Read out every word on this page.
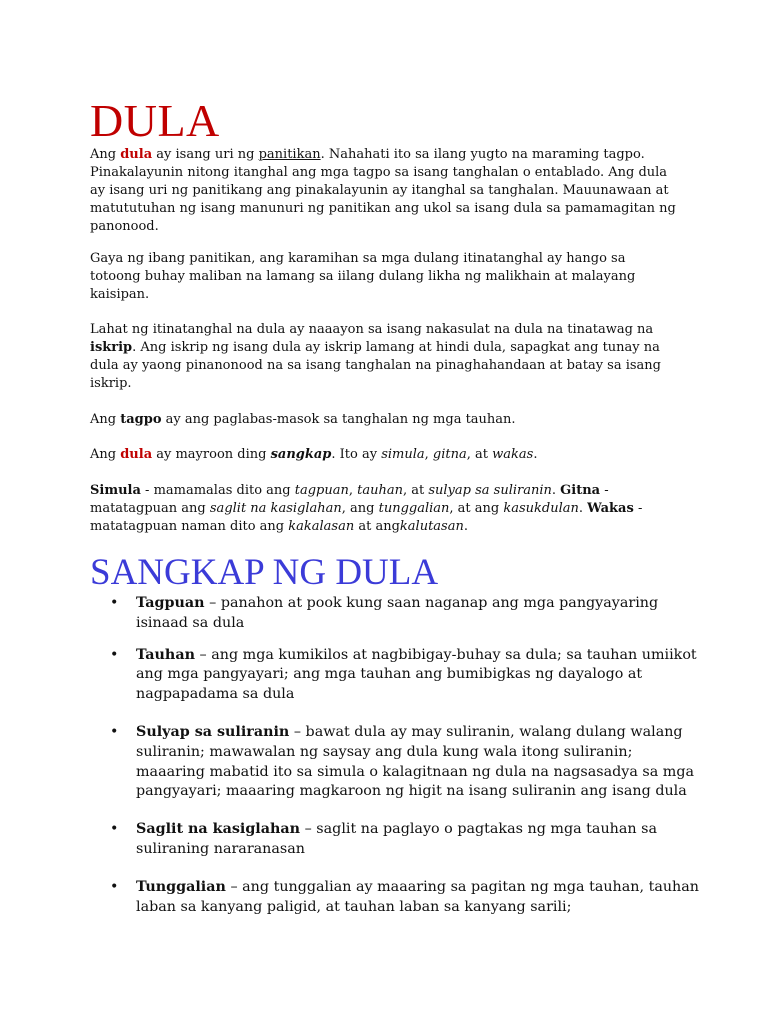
DULA

Ang dula ay isang uri ng panitikan. Nahahati ito sa ilang yugto na maraming tagpo. Pinakalayunin nitong itanghal ang mga tagpo sa isang tanghalan o entablado. Ang dula ay isang uri ng panitikang ang pinakalayunin ay itanghal sa tanghalan. Mauunawaan at matututuhan ng isang manunuri ng panitikan ang ukol sa isang dula sa pamamagitan ng panonood.

Gaya ng ibang panitikan, ang karamihan sa mga dulang itinatanghal ay hango sa totoong buhay maliban na lamang sa iilang dulang likha ng malikhain at malayang kaisipan.

Lahat ng itinatanghal na dula ay naaayon sa isang nakasulat na dula na tinatawag na iskrip. Ang iskrip ng isang dula ay iskrip lamang at hindi dula, sapagkat ang tunay na dula ay yaong pinanonood na sa isang tanghalan na pinaghahandaan at batay sa isang iskrip.

Ang tagpo ay ang paglabas-masok sa tanghalan ng mga tauhan.

Ang dula ay mayroon ding sangkap. Ito ay simula, gitna, at wakas.

Simula - mamamalas dito ang tagpuan, tauhan, at sulyap sa suliranin. Gitna - matatagpuan ang saglit na kasiglahan, ang tunggalian, at ang kasukdulan. Wakas - matatagpuan naman dito ang kakalasan at angkalutasan.

SANGKAP NG DULA
• Tagpuan – panahon at pook kung saan naganap ang mga pangyayaring isinaad sa dula
• Tauhan – ang mga kumikilos at nagbibigay-buhay sa dula; sa tauhan umiikot ang mga pangyayari; ang mga tauhan ang bumibigkas ng dayalogo at nagpapadama sa dula
• Sulyap sa suliranin – bawat dula ay may suliranin, walang dulang walang suliranin; mawawalan ng saysay ang dula kung wala itong suliranin; maaaring mabatid ito sa simula o kalagitnaan ng dula na nagsasadya sa mga pangyayari; maaaring magkaroon ng higit na isang suliranin ang isang dula
• Saglit na kasiglahan – saglit na paglayo o pagtakas ng mga tauhan sa suliraning nararanasan
• Tunggalian – ang tunggalian ay maaaring sa pagitan ng mga tauhan, tauhan laban sa kanyang paligid, at tauhan laban sa kanyang sarili;
